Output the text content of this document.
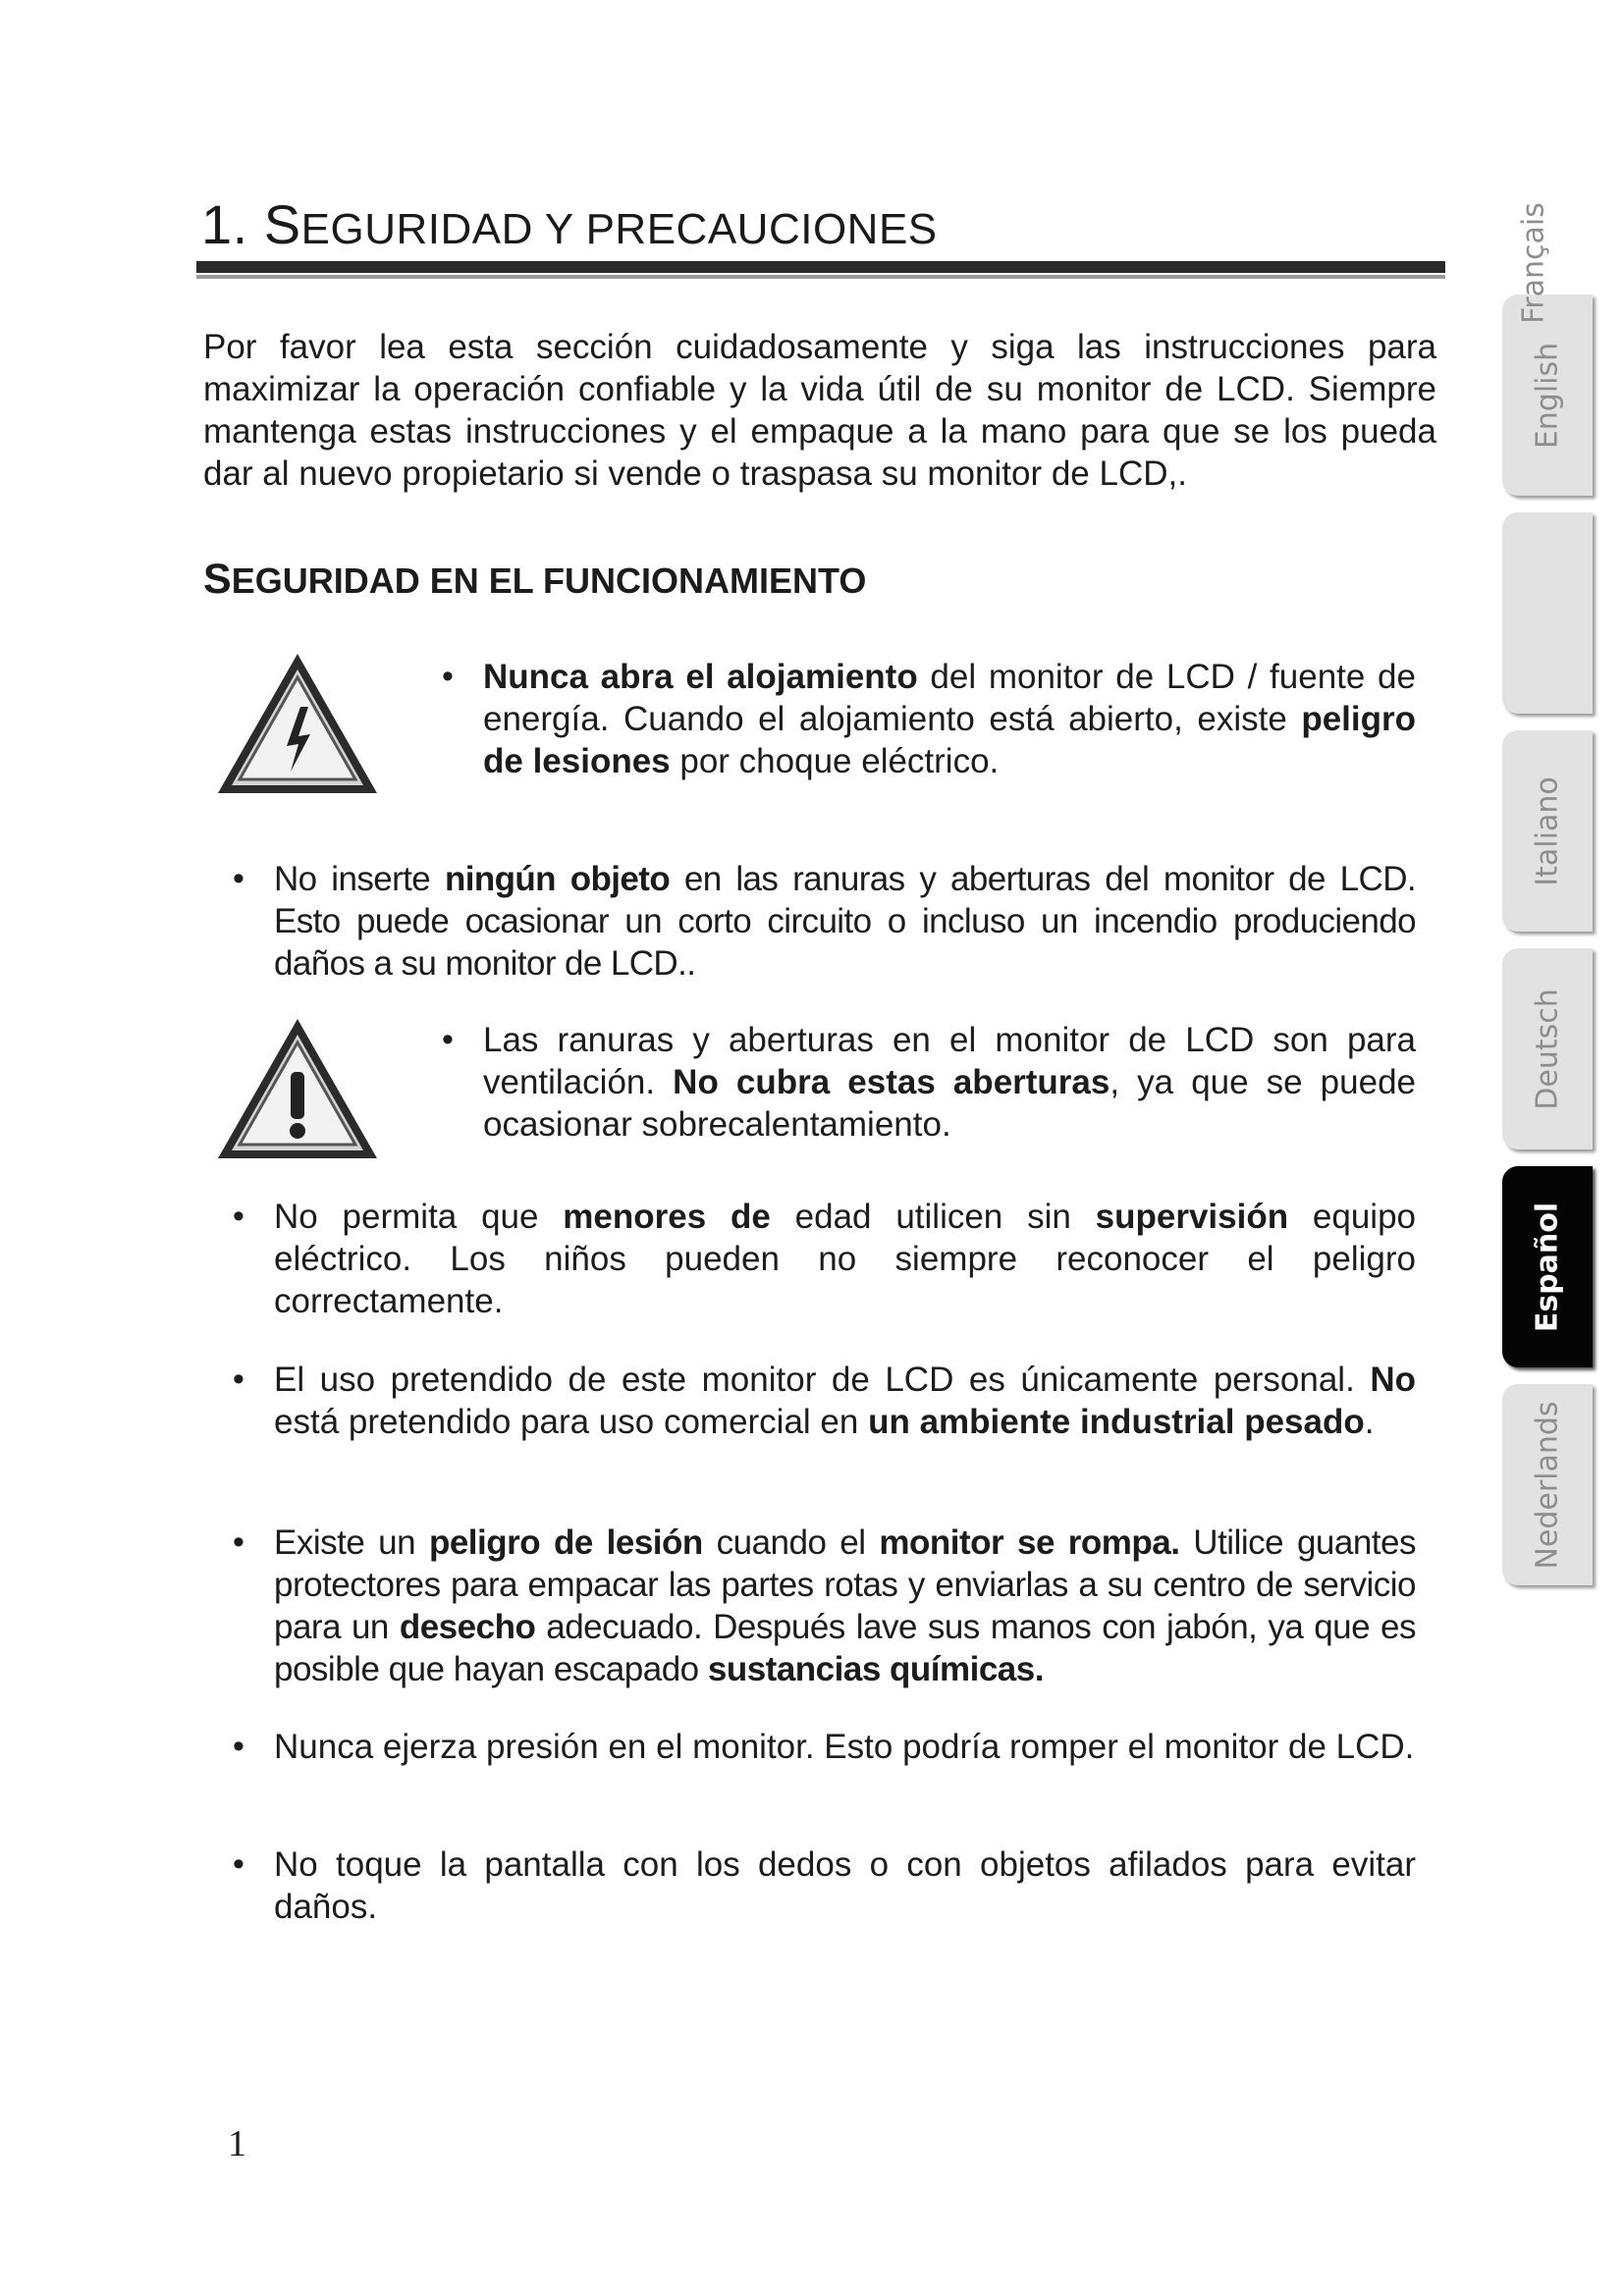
1. SEGURIDAD Y PRECAUCIONES
Por favor lea esta sección cuidadosamente y siga las instrucciones para maximizar la operación confiable y la vida útil de su monitor de LCD. Siempre mantenga estas instrucciones y el empaque a la mano para que se los pueda dar al nuevo propietario si vende o traspasa su monitor de LCD,.
SEGURIDAD EN EL FUNCIONAMIENTO
• Nunca abra el alojamiento del monitor de LCD / fuente de energía. Cuando el alojamiento está abierto, existe peligro de lesiones por choque eléctrico.
• No inserte ningún objeto en las ranuras y aberturas del monitor de LCD. Esto puede ocasionar un corto circuito o incluso un incendio produciendo daños a su monitor de LCD..
• Las ranuras y aberturas en el monitor de LCD son para ventilación. No cubra estas aberturas, ya que se puede ocasionar sobrecalentamiento.
• No permita que menores de edad utilicen sin supervisión equipo eléctrico. Los niños pueden no siempre reconocer el peligro correctamente.
• El uso pretendido de este monitor de LCD es únicamente personal. No está pretendido para uso comercial en un ambiente industrial pesado.
• Existe un peligro de lesión cuando el monitor se rompa. Utilice guantes protectores para empacar las partes rotas y enviarlas a su centro de servicio para un desecho adecuado. Después lave sus manos con jabón, ya que es posible que hayan escapado sustancias químicas.
• Nunca ejerza presión en el monitor. Esto podría romper el monitor de LCD.
• No toque la pantalla con los dedos o con objetos afilados para evitar daños.
1
English
Français
Italiano
Deutsch
Español
Nederlands
